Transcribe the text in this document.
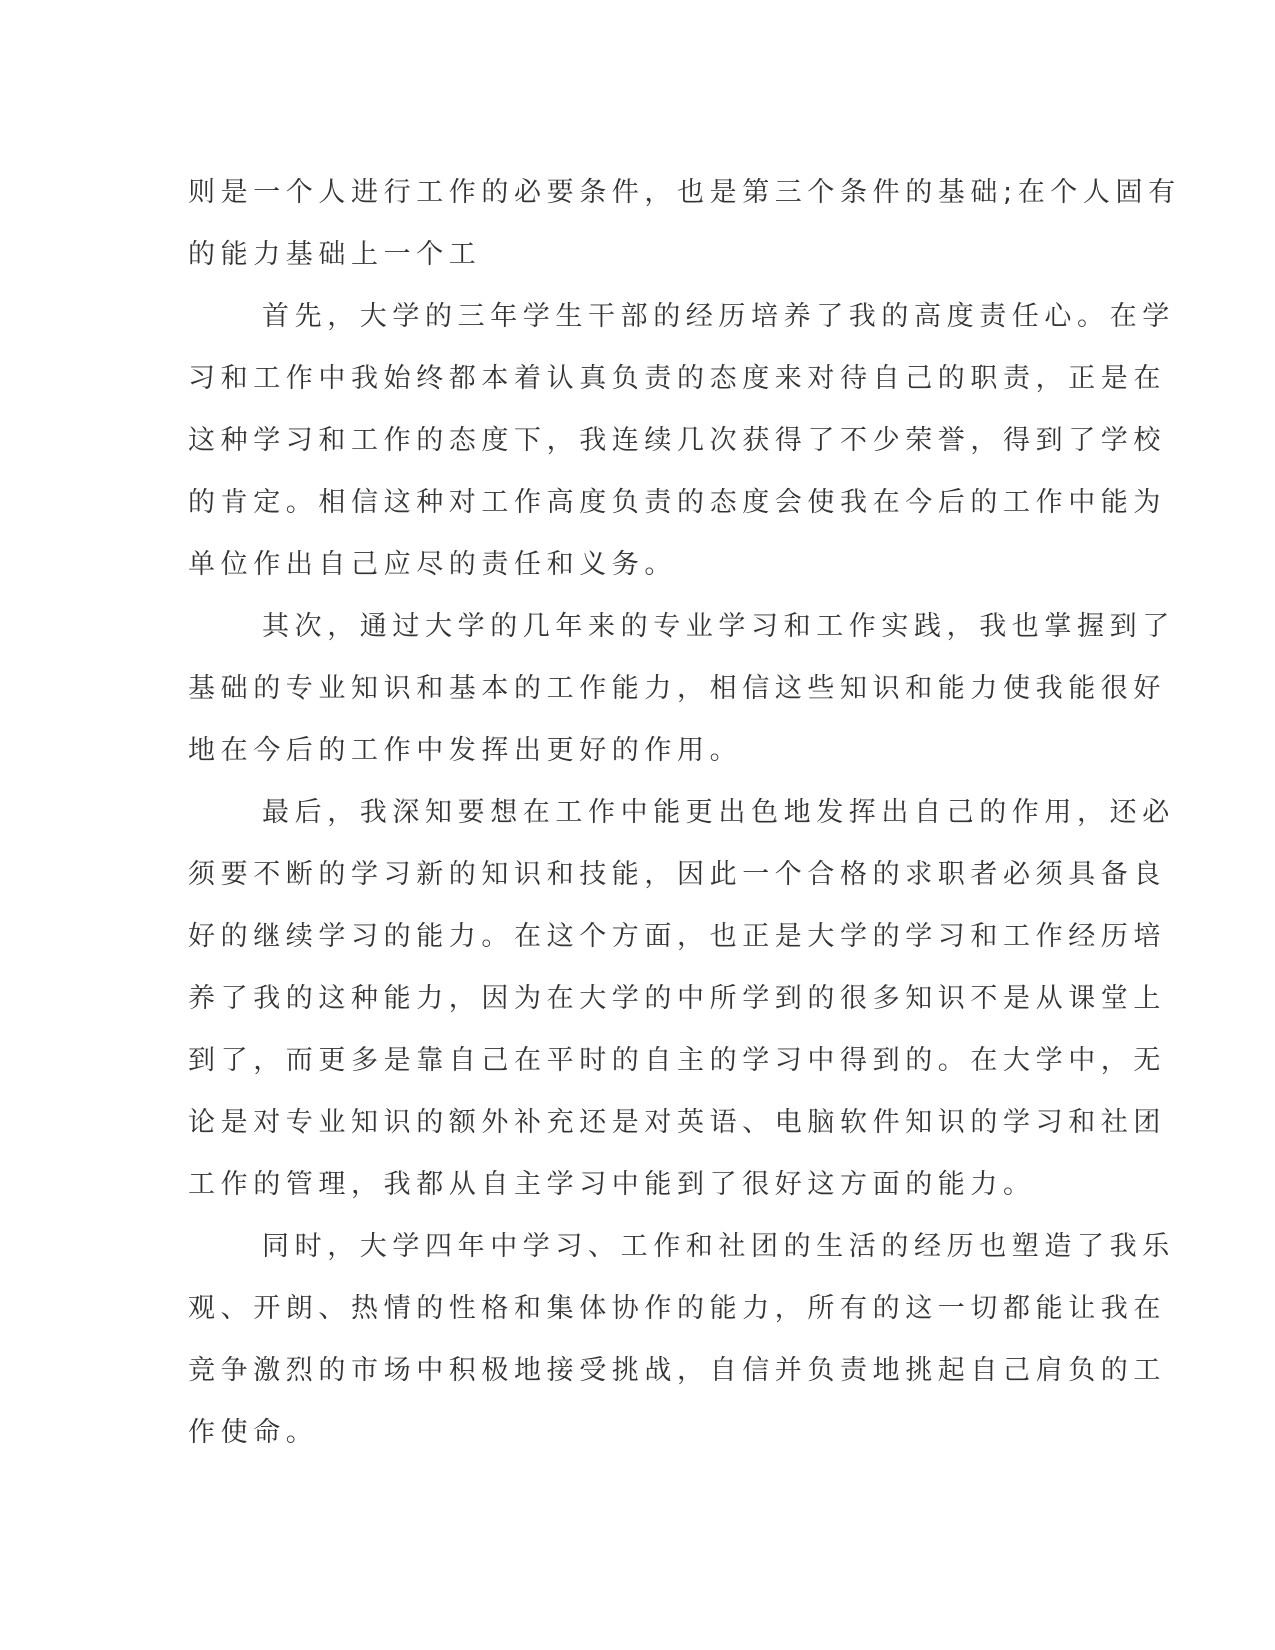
则是一个人进行工作的必要条件，也是第三个条件的基础;在个人固有
的能力基础上一个工
首先，大学的三年学生干部的经历培养了我的高度责任心。在学
习和工作中我始终都本着认真负责的态度来对待自己的职责，正是在
这种学习和工作的态度下，我连续几次获得了不少荣誉，得到了学校
的肯定。相信这种对工作高度负责的态度会使我在今后的工作中能为
单位作出自己应尽的责任和义务。
其次，通过大学的几年来的专业学习和工作实践，我也掌握到了
基础的专业知识和基本的工作能力，相信这些知识和能力使我能很好
地在今后的工作中发挥出更好的作用。
最后，我深知要想在工作中能更出色地发挥出自己的作用，还必
须要不断的学习新的知识和技能，因此一个合格的求职者必须具备良
好的继续学习的能力。在这个方面，也正是大学的学习和工作经历培
养了我的这种能力，因为在大学的中所学到的很多知识不是从课堂上
到了，而更多是靠自己在平时的自主的学习中得到的。在大学中，无
论是对专业知识的额外补充还是对英语、电脑软件知识的学习和社团
工作的管理，我都从自主学习中能到了很好这方面的能力。
同时，大学四年中学习、工作和社团的生活的经历也塑造了我乐
观、开朗、热情的性格和集体协作的能力，所有的这一切都能让我在
竞争激烈的市场中积极地接受挑战，自信并负责地挑起自己肩负的工
作使命。
